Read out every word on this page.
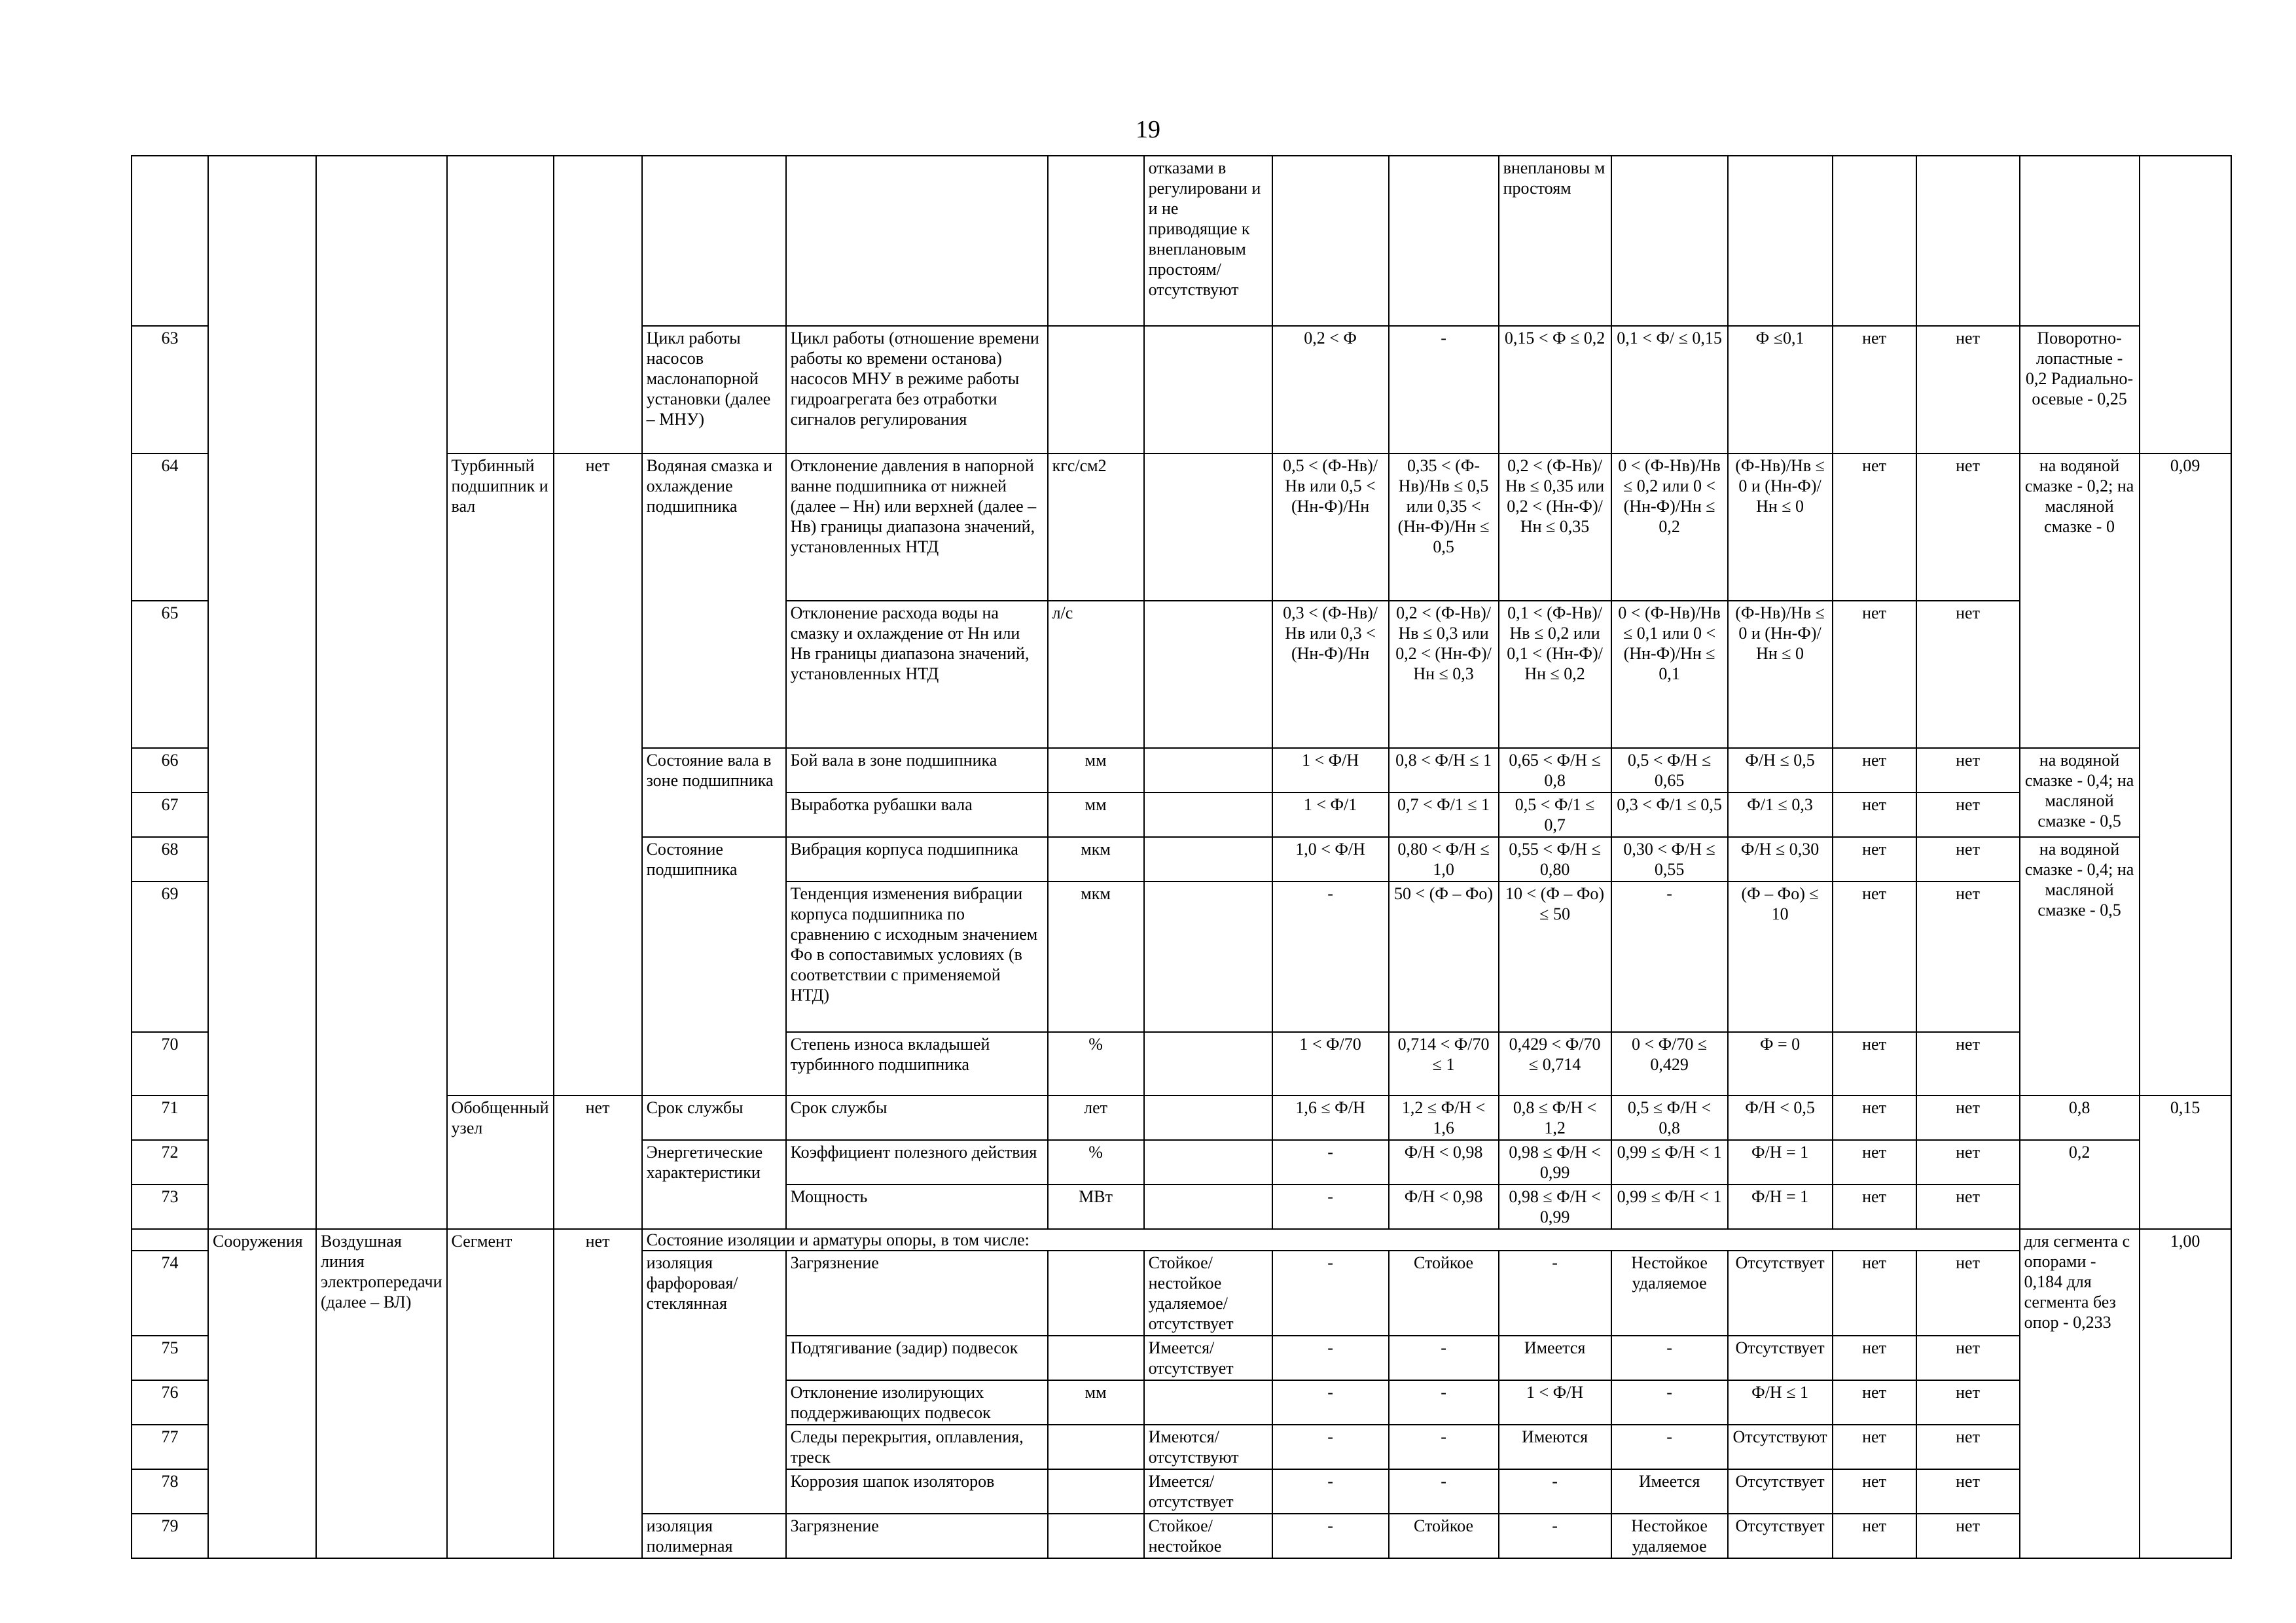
19
								отказами в регулировани и и не приводящие к внеплановым простоям/ отсутствуют			внеплановы м простоям						
63					Цикл работы насосов маслонапорной установки (далее – МНУ)	Цикл работы (отношение времени работы ко времени останова) насосов МНУ в режиме работы гидроагрегата без отработки сигналов регулирования			0,2 < Ф	-	0,15 < Ф ≤ 0,2	0,1 < Ф/ ≤ 0,15	Ф ≤0,1	нет	нет	Поворотно-лопастные - 0,2 Радиально-осевые - 0,25	
64			Турбинный подшипник и вал	нет	Водяная смазка и охлаждение подшипника	Отклонение давления в напорной ванне подшипника от нижней (далее – Нн) или верхней (далее – Нв) границы диапазона значений, установленных НТД	кгс/см2		0,5 < (Ф-Нв)/Нв или 0,5 < (Нн-Ф)/Нн	0,35 < (Ф-Нв)/Нв ≤ 0,5 или 0,35 < (Нн-Ф)/Нн ≤ 0,5	0,2 < (Ф-Нв)/Нв ≤ 0,35 или 0,2 < (Нн-Ф)/Нн ≤ 0,35	0 < (Ф-Нв)/Нв ≤ 0,2 или 0 < (Нн-Ф)/Нн ≤ 0,2	(Ф-Нв)/Нв ≤ 0 и (Нн-Ф)/Нн ≤ 0	нет	нет	на водяной смазке - 0,2; на масляной смазке - 0	0,09
65						Отклонение расхода воды на смазку и охлаждение от Нн или Нв границы диапазона значений, установленных НТД	л/с		0,3 < (Ф-Нв)/Нв или 0,3 < (Нн-Ф)/Нн	0,2 < (Ф-Нв)/Нв ≤ 0,3 или 0,2 < (Нн-Ф)/Нн ≤ 0,3	0,1 < (Ф-Нв)/Нв ≤ 0,2 или 0,1 < (Нн-Ф)/Нн ≤ 0,2	0 < (Ф-Нв)/Нв ≤ 0,1 или 0 < (Нн-Ф)/Нн ≤ 0,1	(Ф-Нв)/Нв ≤ 0 и (Нн-Ф)/Нн ≤ 0	нет	нет		
66					Состояние вала в зоне подшипника	Бой вала в зоне подшипника	мм		1 < Ф/Н	0,8 < Ф/Н ≤ 1	0,65 < Ф/Н ≤ 0,8	0,5 < Ф/Н ≤ 0,65	Ф/Н ≤ 0,5	нет	нет	на водяной смазке - 0,4; на масляной смазке - 0,5	
67						Выработка рубашки вала	мм		1 < Ф/1	0,7 < Ф/1 ≤ 1	0,5 < Ф/1 ≤ 0,7	0,3 < Ф/1 ≤ 0,5	Ф/1 ≤ 0,3	нет	нет		
68					Состояние подшипника	Вибрация корпуса подшипника	мкм		1,0 < Ф/Н	0,80 < Ф/Н ≤ 1,0	0,55 < Ф/Н ≤ 0,80	0,30 < Ф/Н ≤ 0,55	Ф/Н ≤ 0,30	нет	нет	на водяной смазке - 0,4; на масляной смазке - 0,5	
69						Тенденция изменения вибрации корпуса подшипника по сравнению с исходным значением Фо в сопоставимых условиях (в соответствии с применяемой НТД)	мкм		-	50 < (Ф – Фо)	10 < (Ф – Фо) ≤ 50	-	(Ф – Фо) ≤ 10	нет	нет		
70						Степень износа вкладышей турбинного подшипника	%		1 < Ф/70	0,714 < Ф/70 ≤ 1	0,429 < Ф/70 ≤ 0,714	0 < Ф/70 ≤ 0,429	Ф = 0	нет	нет		
71			Обобщенный узел	нет	Срок службы	Срок службы	лет		1,6 ≤ Ф/Н	1,2 ≤ Ф/Н < 1,6	0,8 ≤ Ф/Н < 1,2	0,5 ≤ Ф/Н < 0,8	Ф/Н < 0,5	нет	нет	0,8	0,15
72					Энергетические характеристики	Коэффициент полезного действия	%		-	Ф/Н < 0,98	0,98 ≤ Ф/Н < 0,99	0,99 ≤ Ф/Н < 1	Ф/Н = 1	нет	нет	0,2	
73						Мощность	МВт		-	Ф/Н < 0,98	0,98 ≤ Ф/Н < 0,99	0,99 ≤ Ф/Н < 1	Ф/Н = 1	нет	нет		
	Сооружения	Воздушная линия электропередачи (далее – ВЛ)	Сегмент	нет	Состояние изоляции и арматуры опоры, в том числе:											для сегмента с опорами - 0,184 для сегмента без опор - 0,233	1,00
74					изоляция фарфоровая/стеклянная	Загрязнение		Стойкое/ нестойкое удаляемое/ отсутствует	-	Стойкое	-	Нестойкое удаляемое	Отсутствует	нет	нет		
75						Подтягивание (задир) подвесок		Имеется/ отсутствует	-	-	Имеется	-	Отсутствует	нет	нет		
76						Отклонение изолирующих поддерживающих подвесок	мм		-	-	1 < Ф/Н	-	Ф/Н ≤ 1	нет	нет		
77						Следы перекрытия, оплавления, треск		Имеются/ отсутствуют	-	-	Имеются	-	Отсутствуют	нет	нет		
78						Коррозия шапок изоляторов		Имеется/ отсутствует	-	-	-	Имеется	Отсутствует	нет	нет		
79					изоляция полимерная	Загрязнение		Стойкое/ нестойкое	-	Стойкое	-	Нестойкое удаляемое	Отсутствует	нет	нет		
